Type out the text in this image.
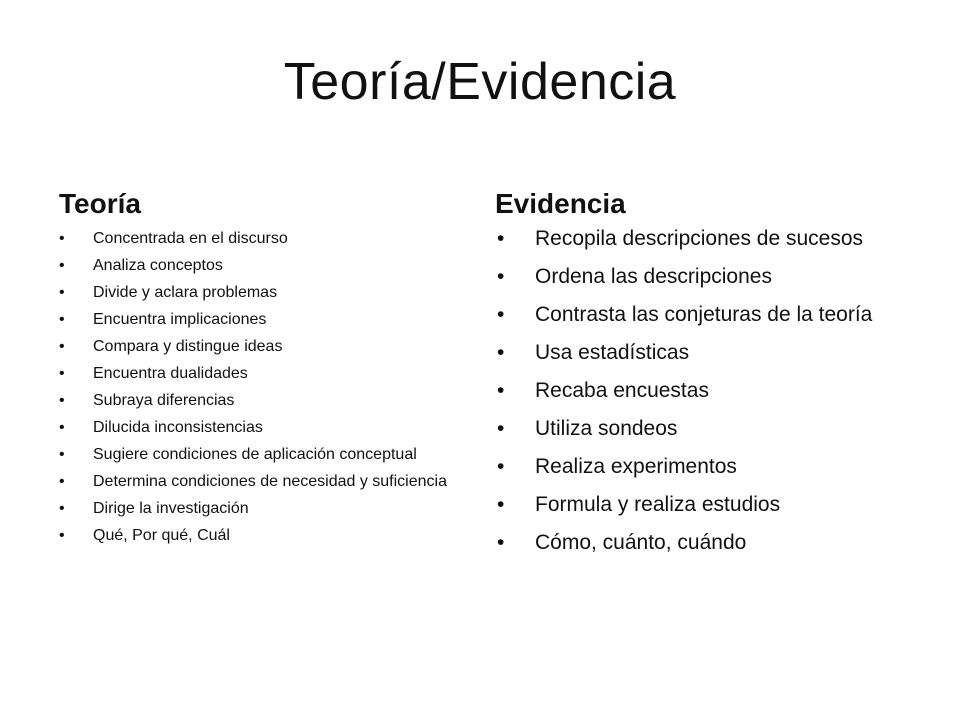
Teoría/Evidencia
Teoría
• Concentrada en el discurso
• Analiza conceptos
• Divide y aclara problemas
• Encuentra implicaciones
• Compara y distingue ideas
• Encuentra dualidades
• Subraya diferencias
• Dilucida inconsistencias
• Sugiere condiciones de aplicación conceptual
• Determina condiciones de necesidad y suficiencia
• Dirige la investigación
• Qué, Por qué, Cuál
Evidencia
• Recopila descripciones de sucesos
• Ordena las descripciones
• Contrasta las conjeturas de la teoría
• Usa estadísticas
• Recaba encuestas
• Utiliza sondeos
• Realiza experimentos
• Formula y realiza estudios
• Cómo, cuánto, cuándo
